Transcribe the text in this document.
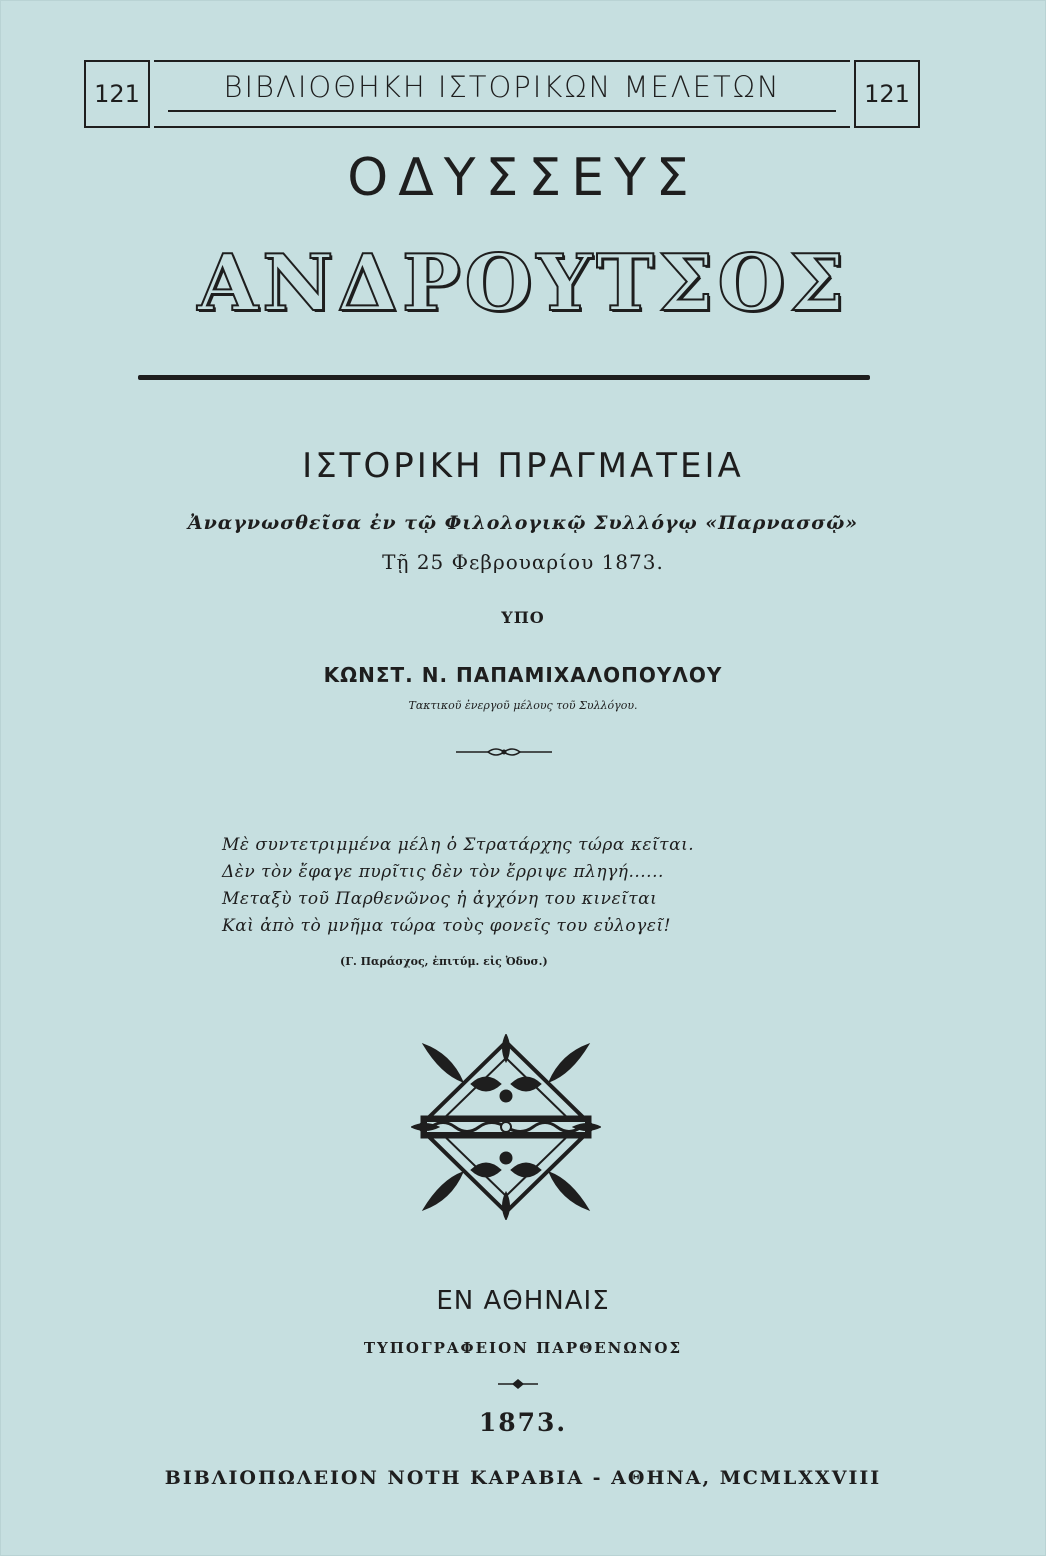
121	ΒΙΒΛΙΟΘΗΚΗ ΙΣΤΟΡΙΚΩΝ ΜΕΛΕΤΩΝ	121
ΟΔΥΣΣΕΥΣ
ΑΝΔΡΟΥΤΣΟΣ
ΙΣΤΟΡΙΚΗ ΠΡΑΓΜΑΤΕΙΑ
Ἀναγνωσθεῖσα ἐν τῷ Φιλολογικῷ Συλλόγῳ «Παρνασσῷ»
Τῇ 25 Φεβρουαρίου 1873.
ΥΠΟ
ΚΩΝΣΤ. Ν. ΠΑΠΑΜΙΧΑΛΟΠΟΥΛΟΥ
Τακτικοῦ ἐνεργοῦ μέλους τοῦ Συλλόγου.
Μὲ συντετριμμένα μέλη ὁ Στρατάρχης τώρα κεῖται.
Δὲν τὸν ἔφαγε πυρῖτις δὲν τὸν ἔρριψε πληγή......
Μεταξὺ τοῦ Παρθενῶνος ἡ ἀγχόνη του κινεῖται
Καὶ ἀπὸ τὸ μνῆμα τώρα τοὺς φονεῖς του εὐλογεῖ!
(Γ. Παράσχος, ἐπιτύμ. εἰς Ὀδυσ.)
ΕΝ ΑΘΗΝΑΙΣ
ΤΥΠΟΓΡΑΦΕΙΟΝ ΠΑΡΘΕΝΩΝΟΣ
1873.
ΒΙΒΛΙΟΠΩΛΕΙΟΝ ΝΟΤΗ ΚΑΡΑΒΙΑ - ΑΘΗΝΑ, MCMLXXVIII
